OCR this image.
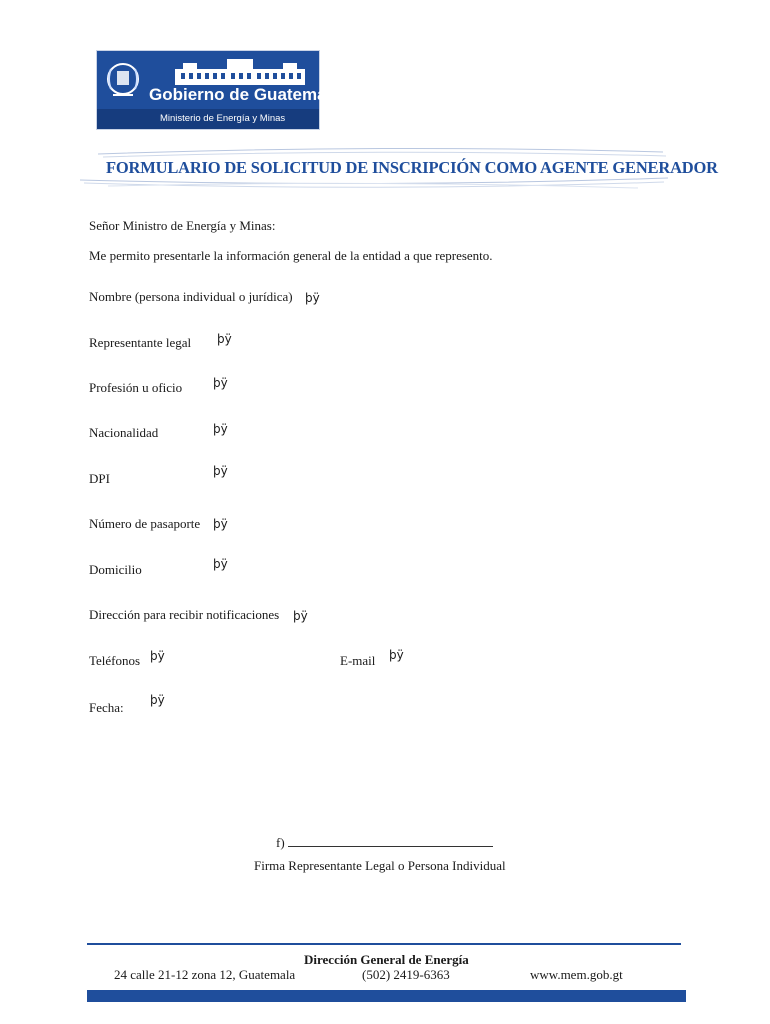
Gobierno de Guatemala
Ministerio de Energía y Minas
FORMULARIO DE SOLICITUD DE INSCRIPCIÓN COMO AGENTE GENERADOR
Señor Ministro de Energía y Minas:
Me permito presentarle la información general de la entidad a que represento.
Nombre (persona individual o jurídica) þÿ
Representante legal þÿ
Profesión u oficio	þÿ
Nacionalidad	þÿ
DPI	þÿ
Número de pasaporte þÿ
Domicilio	þÿ
Dirección para recibir notificaciones þÿ
Teléfonos þÿ	E-mail þÿ
Fecha: þÿ
f)
Firma Representante Legal o Persona Individual
Dirección General de Energía
24 calle 21-12 zona 12, Guatemala	(502) 2419-6363	www.mem.gob.gt
